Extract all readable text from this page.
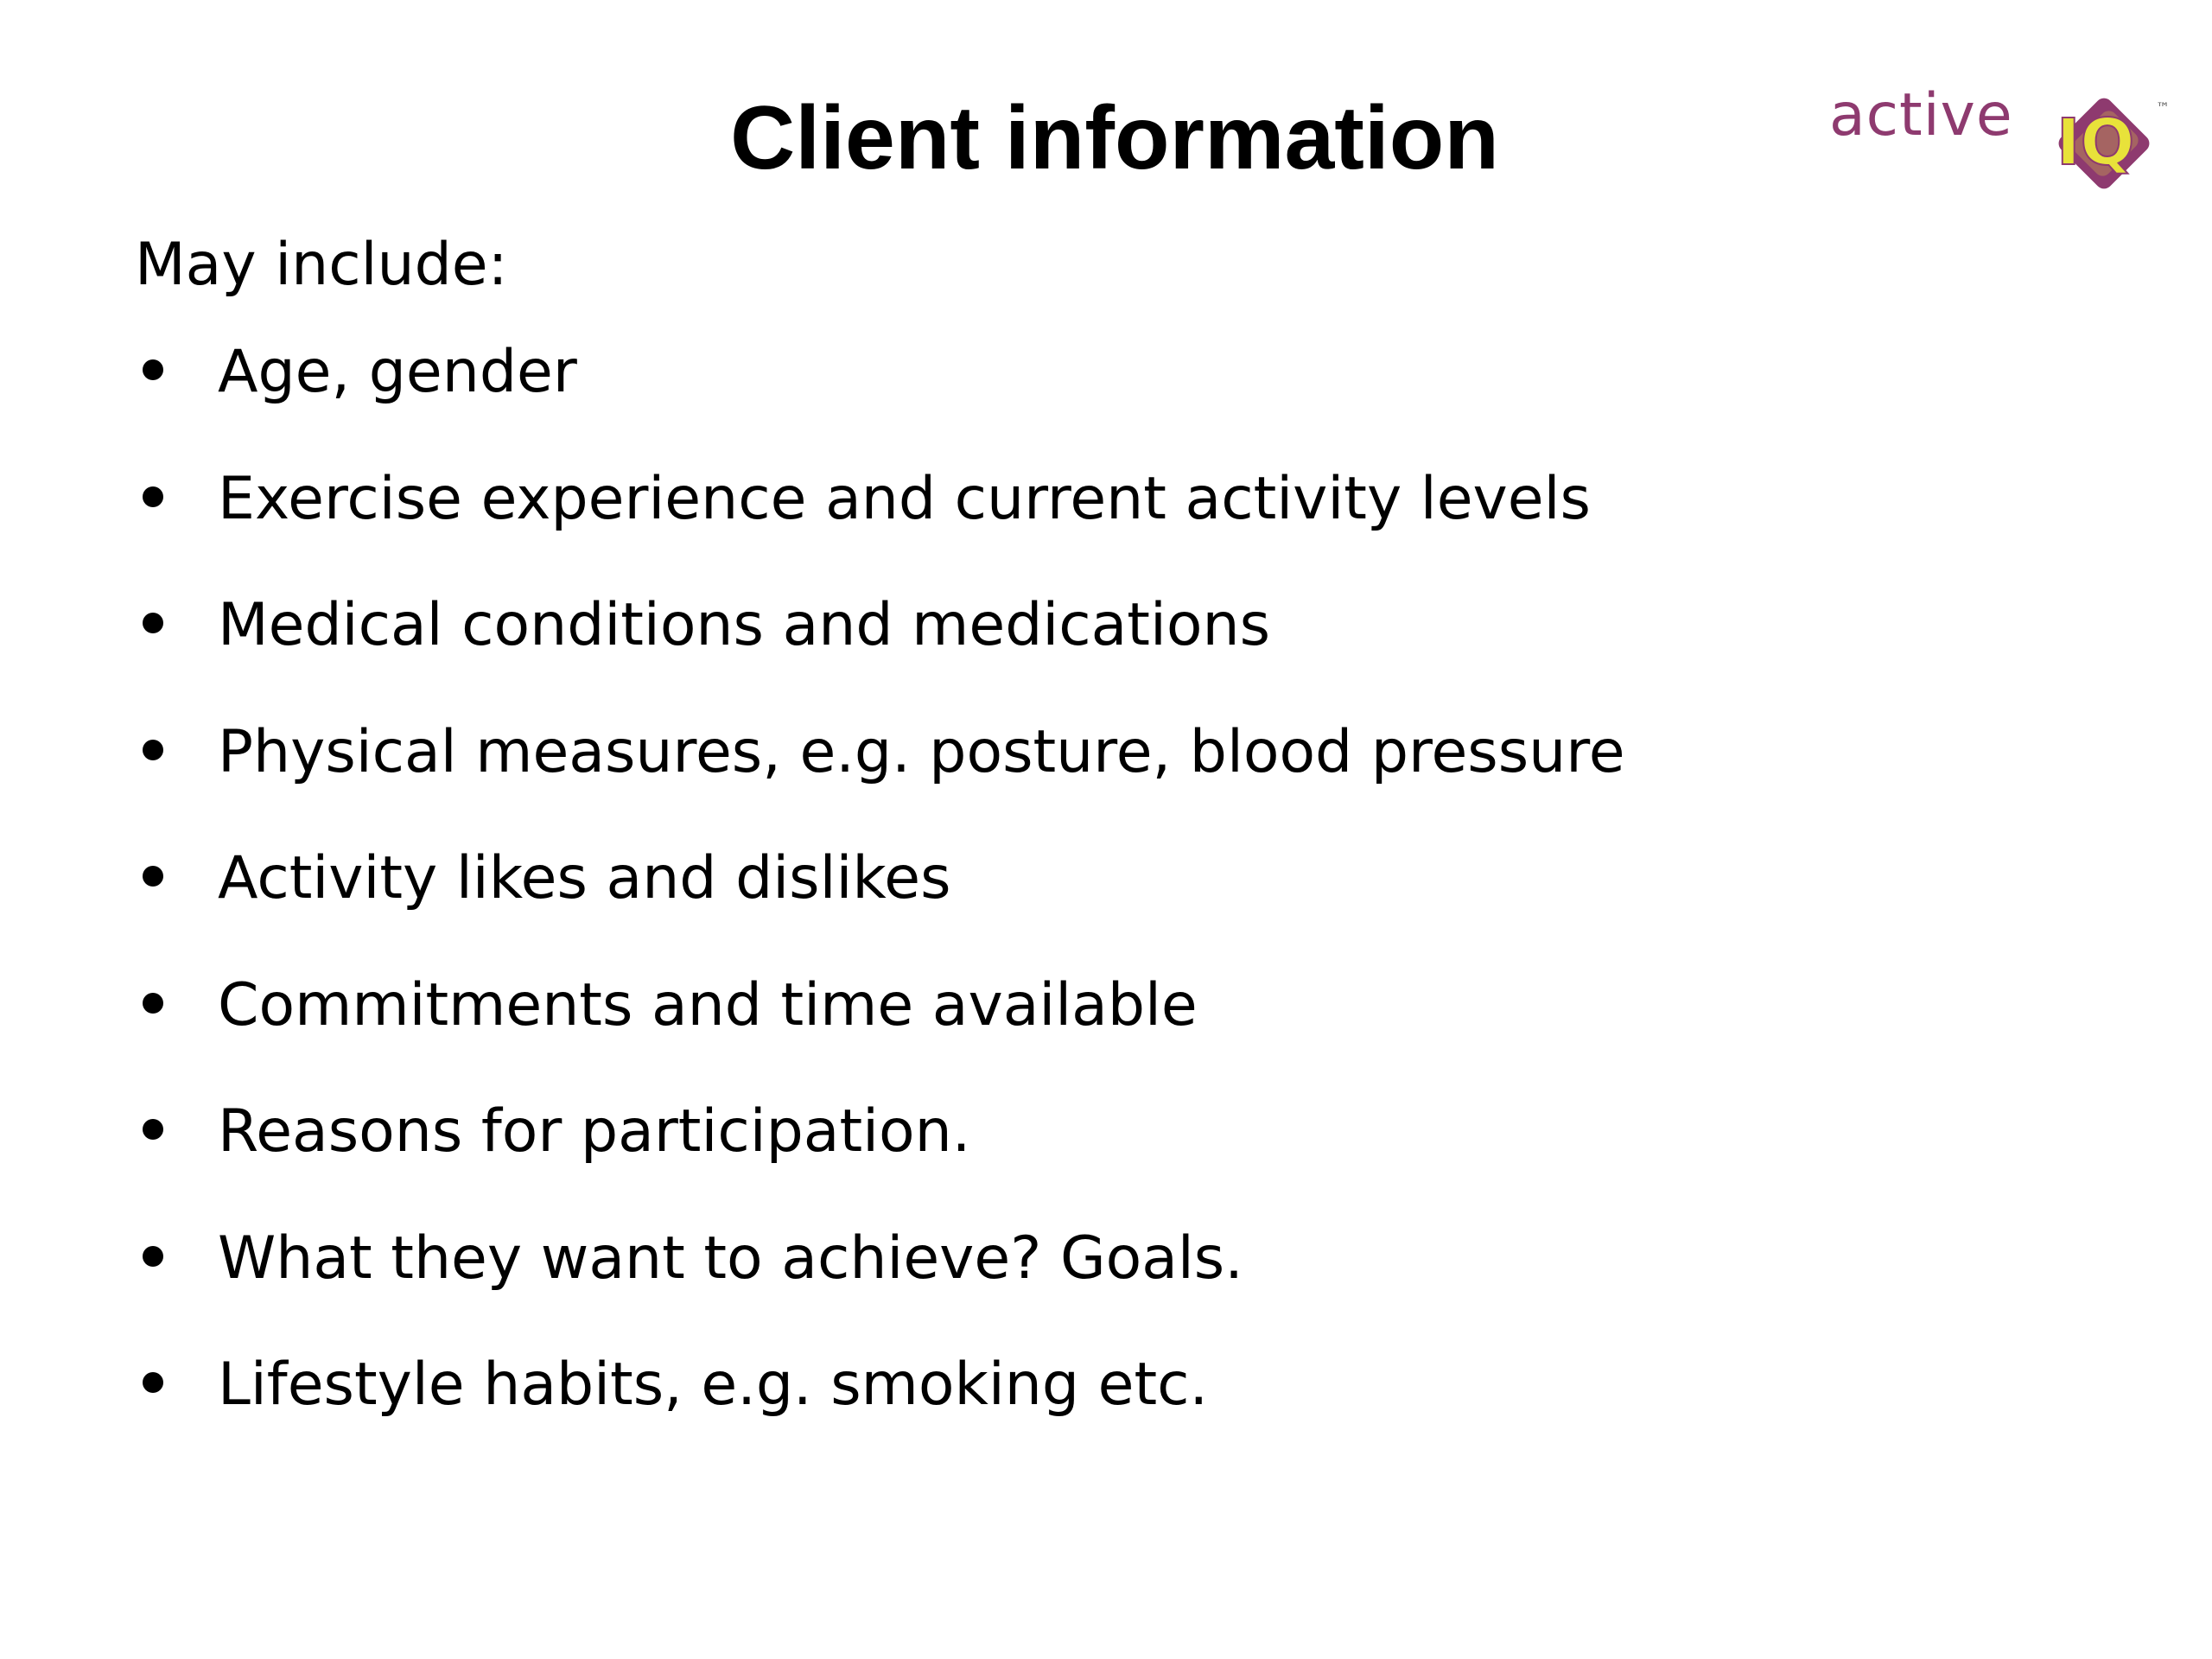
Client information	active IQ ™

May include:

Age, gender
Exercise experience and current activity levels
Medical conditions and medications
Physical measures, e.g. posture, blood pressure
Activity likes and dislikes
Commitments and time available
Reasons for participation.
What they want to achieve? Goals.
Lifestyle habits, e.g. smoking etc.
